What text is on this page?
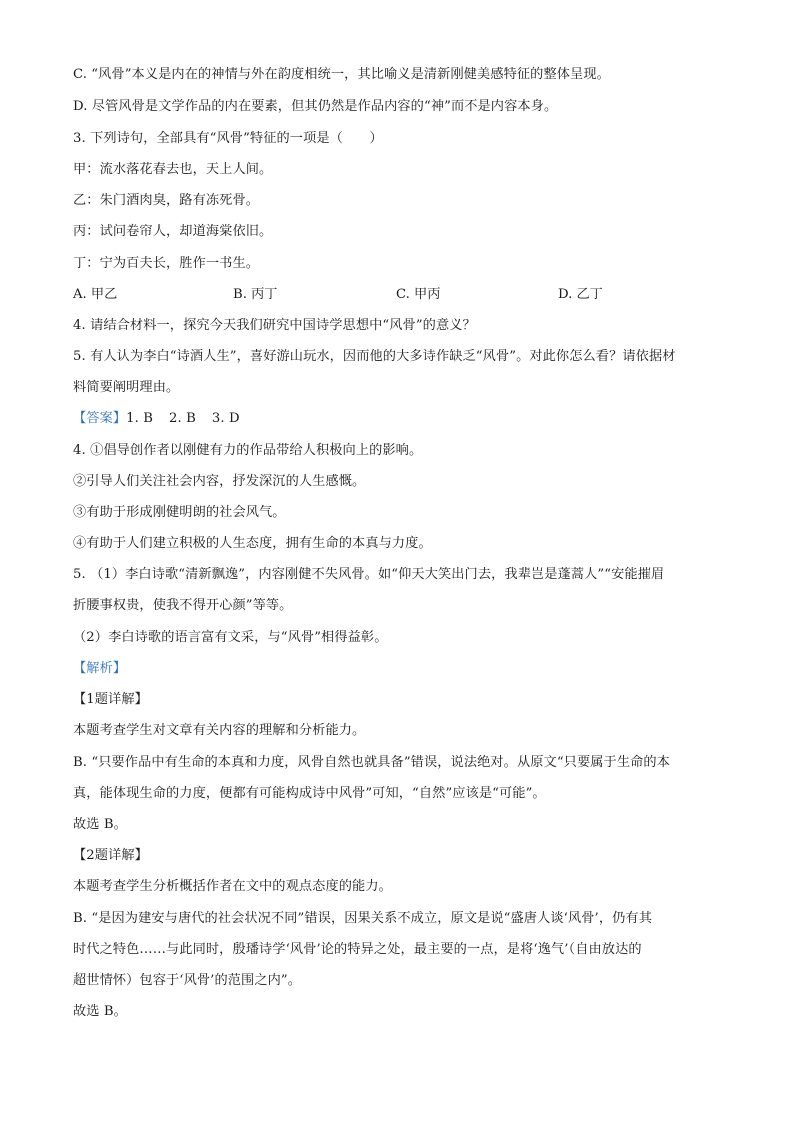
C. “风骨”本义是内在的神情与外在韵度相统一，其比喻义是清新刚健美感特征的整体呈现。
D. 尽管风骨是文学作品的内在要素，但其仍然是作品内容的“神”而不是内容本身。
3. 下列诗句，全部具有“风骨”特征的一项是（　　）
甲：流水落花春去也，天上人间。
乙：朱门酒肉臭，路有冻死骨。
丙：试问卷帘人，却道海棠依旧。
丁：宁为百夫长，胜作一书生。
A. 甲乙	B. 丙丁	C. 甲丙	D. 乙丁
4. 请结合材料一，探究今天我们研究中国诗学思想中“风骨”的意义？
5. 有人认为李白“诗酒人生”，喜好游山玩水，因而他的大多诗作缺乏“风骨”。对此你怎么看？请依据材
料简要阐明理由。
【答案】1. B 2. B 3. D
4. ①倡导创作者以刚健有力的作品带给人积极向上的影响。
②引导人们关注社会内容，抒发深沉的人生感慨。
③有助于形成刚健明朗的社会风气。
④有助于人们建立积极的人生态度，拥有生命的本真与力度。
5. （1）李白诗歌“清新飘逸”，内容刚健不失风骨。如“仰天大笑出门去，我辈岂是蓬蒿人”“安能摧眉
折腰事权贵，使我不得开心颜”等等。
（2）李白诗歌的语言富有文采，与“风骨”相得益彰。
【解析】
【1题详解】
本题考查学生对文章有关内容的理解和分析能力。
B. “只要作品中有生命的本真和力度，风骨自然也就具备”错误，说法绝对。从原文“只要属于生命的本
真，能体现生命的力度，便都有可能构成诗中风骨”可知，“自然”应该是“可能”。
故选 B。
【2题详解】
本题考查学生分析概括作者在文中的观点态度的能力。
B. “是因为建安与唐代的社会状况不同”错误，因果关系不成立，原文是说“盛唐人谈‘风骨’，仍有其
时代之特色……与此同时，殷璠诗学‘风骨’论的特异之处，最主要的一点，是将‘逸气’（自由放达的
超世情怀）包容于‘风骨’的范围之内”。
故选 B。
